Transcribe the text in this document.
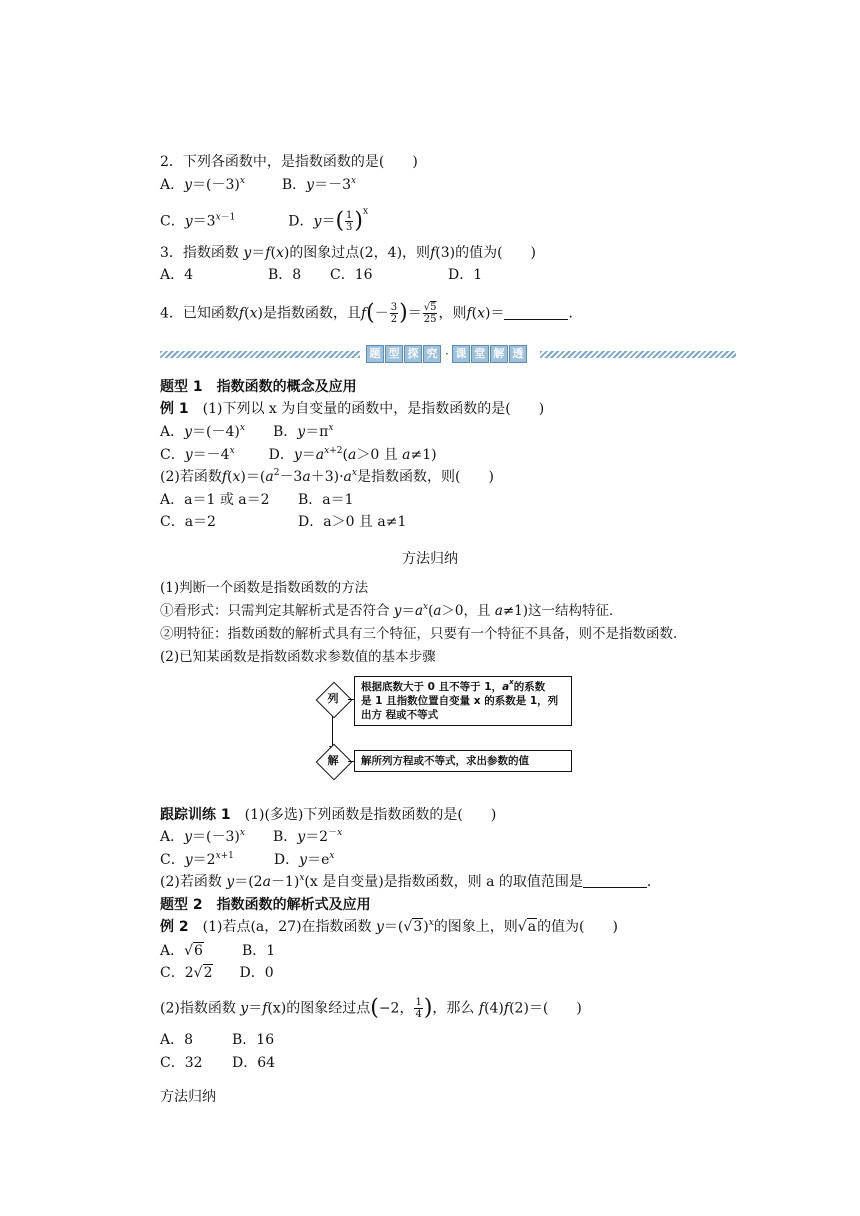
2．下列各函数中，是指数函数的是(　　)
A．$y=(-3)^x$	B．$y=-3^x$
C．$y=3^{x-1}$	D．$y=( \frac{1}{3} )^x$
3．指数函数 y＝f(x)的图象过点(2，4)，则f(3)的值为(　　)
A．4	B．8 C．16	D．1
4．已知函数f(x)是指数函数，且$f(- \frac{3}{2}$ )＝ $\frac{√5}{25}$ ，则f(x)＝	．
题 型 探 究 · 课 堂 解 透
题型 1　指数函数的概念及应用
例 1　(1)下列以 x 为自变量的函数中，是指数函数的是(　　)
A．$y=(-4)^x$ B．$y=\pi^x$
C．$y=-4^x$ D．$y=a^{x+2}(a>0$ 且 a≠1)
(2)若函数$f(x)=(a^2-3a+3)\cdot a^x$是指数函数，则(　　)
A．a＝1 或 a＝2 B．a＝1
C．a＝2	D．a＞0 且 a≠1
方法归纳
(1)判断一个函数是指数函数的方法
①看形式：只需判定其解析式是否符合 $y=a^x(a>0$，且 a≠1)这一结构特征．
②明特征：指数函数的解析式具有三个特征，只要有一个特征不具备，则不是指数函数．
(2)已知某函数是指数函数求参数值的基本步骤
列
根据底数大于 0 且不等于 1，$a^x$的系数
是 1 且指数位置自变量 x 的系数是 1，列
出方 程或不等式
解	解所列方程或不等式，求出参数的值
跟踪训练 1　(1)(多选)下列函数是指数函数的是(　　)
A．$y=(-3)^x$ B．$y=2^{-x}$
C．$y=2^{x+1}$	D．$y=e^x$
(2)若函数 $y=(2a-1)^x(x$ 是自变量)是指数函数，则 a 的取值范围是	．
题型 2　指数函数的解析式及应用
例 2　(1)若点(a，27)在指数函数 $y=(√3)^x$的图象上，则√a的值为(　　)
A．√6	B．1
C．2√2 D．0
(2)指数函数 y＝f(x)的图象经过点(−2， $\frac{1}{4}$ )，那么 f(4)f(2)＝(　　)
A．8	B．16
C．32 D．64
方法归纳
